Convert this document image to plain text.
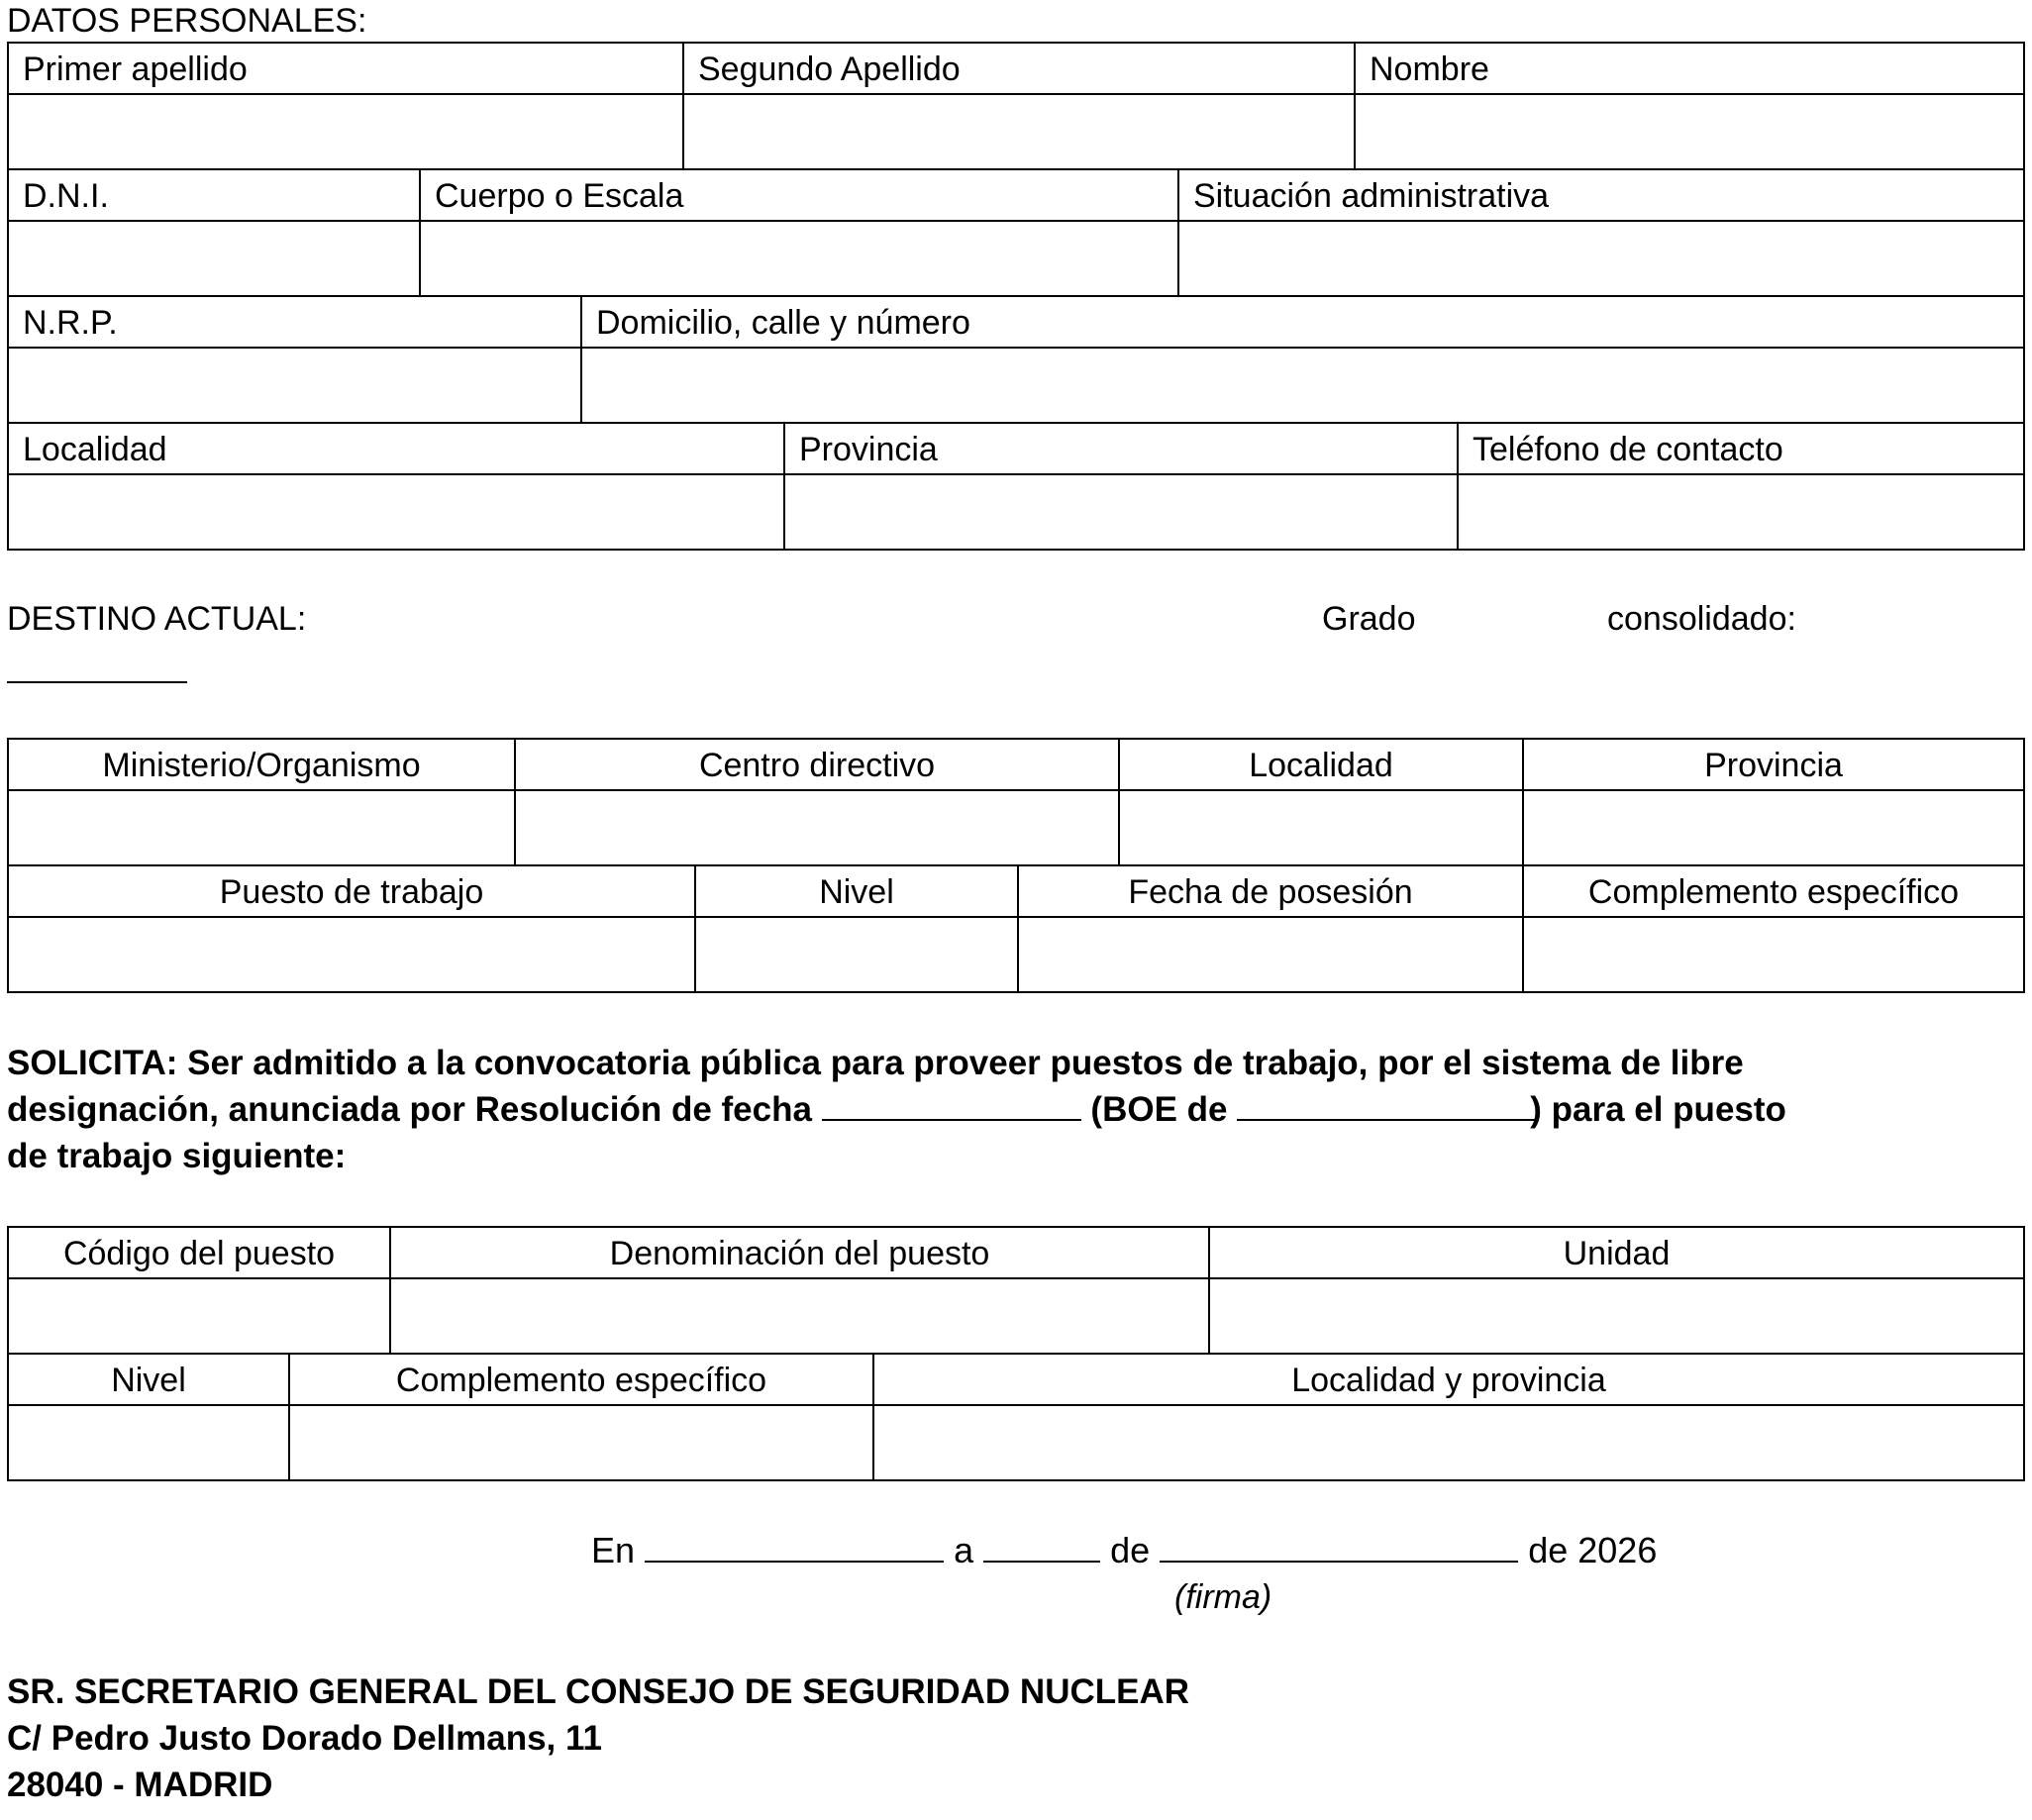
DATOS PERSONALES:
Primer apellido	Segundo Apellido	Nombre
D.N.I.	Cuerpo o Escala	Situación administrativa
N.R.P.	Domicilio, calle y número
Localidad	Provincia	Teléfono de contacto
DESTINO ACTUAL:	Grado	consolidado:
Ministerio/Organismo	Centro directivo	Localidad	Provincia
Puesto de trabajo	Nivel	Fecha de posesión	Complemento específico
SOLICITA: Ser admitido a la convocatoria pública para proveer puestos de trabajo, por el sistema de libre
designación, anunciada por Resolución de fecha	(BOE de	) para el puesto
de trabajo siguiente:
Código del puesto	Denominación del puesto	Unidad
Nivel	Complemento específico	Localidad y provincia
En	a	de	de 2026
(firma)
SR. SECRETARIO GENERAL DEL CONSEJO DE SEGURIDAD NUCLEAR
C/ Pedro Justo Dorado Dellmans, 11
28040 - MADRID
